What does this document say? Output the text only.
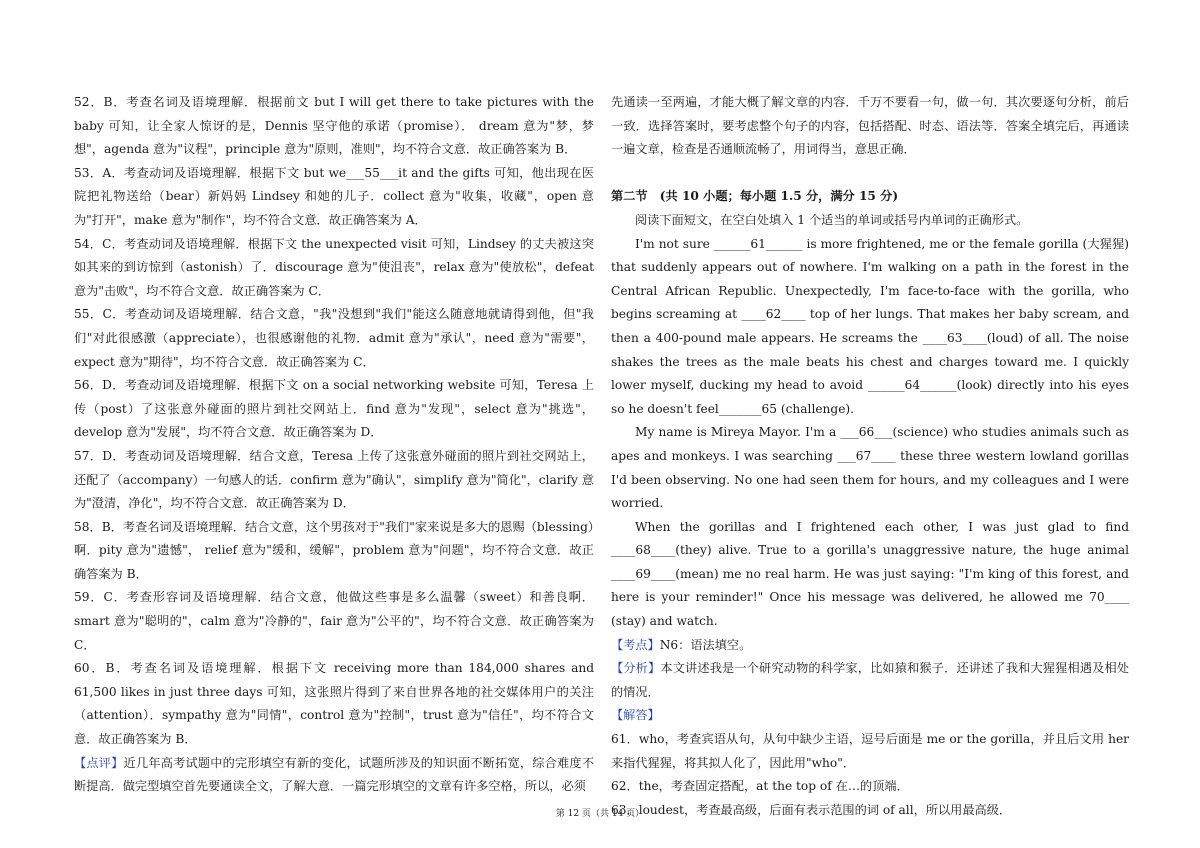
52．B．考查名词及语境理解．根据前文 but I will get there to take pictures with the baby 可知，让全家人惊讶的是，Dennis 坚守他的承诺（promise）． dream 意为"梦，梦想"，agenda 意为"议程"，principle 意为"原则，准则"，均不符合文意．故正确答案为 B．

53．A．考查动词及语境理解．根据下文 but we___55___it and the gifts 可知，他出现在医院把礼物送给（bear）新妈妈 Lindsey 和她的儿子．collect 意为"收集，收藏"，open 意为"打开"，make 意为"制作"，均不符合文意．故正确答案为 A．

54．C．考查动词及语境理解．根据下文 the unexpected visit 可知，Lindsey 的丈夫被这突如其来的到访惊到（astonish）了．discourage 意为"使沮丧"，relax 意为"使放松"，defeat 意为"击败"，均不符合文意．故正确答案为 C．

55．C．考查动词及语境理解．结合文意，"我"没想到"我们"能这么随意地就请得到他，但"我们"对此很感激（appreciate），也很感谢他的礼物．admit 意为"承认"，need 意为"需要"，expect 意为"期待"，均不符合文意．故正确答案为 C．

56．D．考查动词及语境理解．根据下文 on a social networking website 可知，Teresa 上传（post）了这张意外碰面的照片到社交网站上．find 意为"发现"，select 意为"挑选"，develop 意为"发展"，均不符合文意．故正确答案为 D．

57．D．考查动词及语境理解．结合文意，Teresa 上传了这张意外碰面的照片到社交网站上，还配了（accompany）一句感人的话．confirm 意为"确认"，simplify 意为"简化"，clarify 意为"澄清，净化"，均不符合文意．故正确答案为 D．

58．B．考查名词及语境理解．结合文意，这个男孩对于"我们"家来说是多大的恩赐（blessing）啊．pity 意为"遗憾"， relief 意为"缓和，缓解"，problem 意为"问题"，均不符合文意．故正确答案为 B．

59．C．考查形容词及语境理解．结合文意，他做这些事是多么温馨（sweet）和善良啊．smart 意为"聪明的"，calm 意为"冷静的"，fair 意为"公平的"，均不符合文意．故正确答案为 C．

60．B．考查名词及语境理解．根据下文 receiving more than 184,000 shares and 61,500 likes in just three days 可知，这张照片得到了来自世界各地的社交媒体用户的关注（attention）．sympathy 意为"同情"，control 意为"控制"，trust 意为"信任"，均不符合文意．故正确答案为 B．

【点评】近几年高考试题中的完形填空有新的变化，试题所涉及的知识面不断拓宽，综合难度不断提高．做完型填空首先要通读全文，了解大意．一篇完形填空的文章有许多空格，所以，必须

先通读一至两遍，才能大概了解文章的内容．千万不要看一句，做一句．其次要逐句分析，前后一致．选择答案时，要考虑整个句子的内容，包括搭配、时态、语法等．答案全填完后，再通读一遍文章，检查是否通顺流畅了，用词得当，意思正确．

第二节　(共 10 小题；每小题 1.5 分，满分 15 分)

阅读下面短文，在空白处填入 1 个适当的单词或括号内单词的正确形式。

I'm not sure ______61______ is more frightened, me or the female gorilla (大猩猩) that suddenly appears out of nowhere. I'm walking on a path in the forest in the Central African Republic. Unexpectedly, I'm face-to-face with the gorilla, who begins screaming at ____62____ top of her lungs. That makes her baby scream, and then a 400-pound male appears. He screams the ____63____(loud) of all. The noise shakes the trees as the male beats his chest and charges toward me. I quickly lower myself, ducking my head to avoid ______64______(look) directly into his eyes so he doesn't feel_______65 (challenge).

My name is Mireya Mayor. I'm a ___66___(science) who studies animals such as apes and monkeys. I was searching ___67____ these three western lowland gorillas I'd been observing. No one had seen them for hours, and my colleagues and I were worried.

When the gorillas and I frightened each other, I was just glad to find ____68____(they) alive. True to a gorilla's unaggressive nature, the huge animal ____69____(mean) me no real harm. He was just saying: "I'm king of this forest, and here is your reminder!" Once his message was delivered, he allowed me 70____ (stay) and watch.

【考点】N6：语法填空。

【分析】本文讲述我是一个研究动物的科学家，比如猿和猴子．还讲述了我和大猩猩相遇及相处的情况．

【解答】

61．who，考查宾语从句，从句中缺少主语，逗号后面是 me or the gorilla，并且后文用 her 来指代猩猩，将其拟人化了，因此用"who"．

62．the，考查固定搭配，at the top of 在…的顶端．

63．loudest，考查最高级，后面有表示范围的词 of all，所以用最高级．

第 12 页（共 14 页）
